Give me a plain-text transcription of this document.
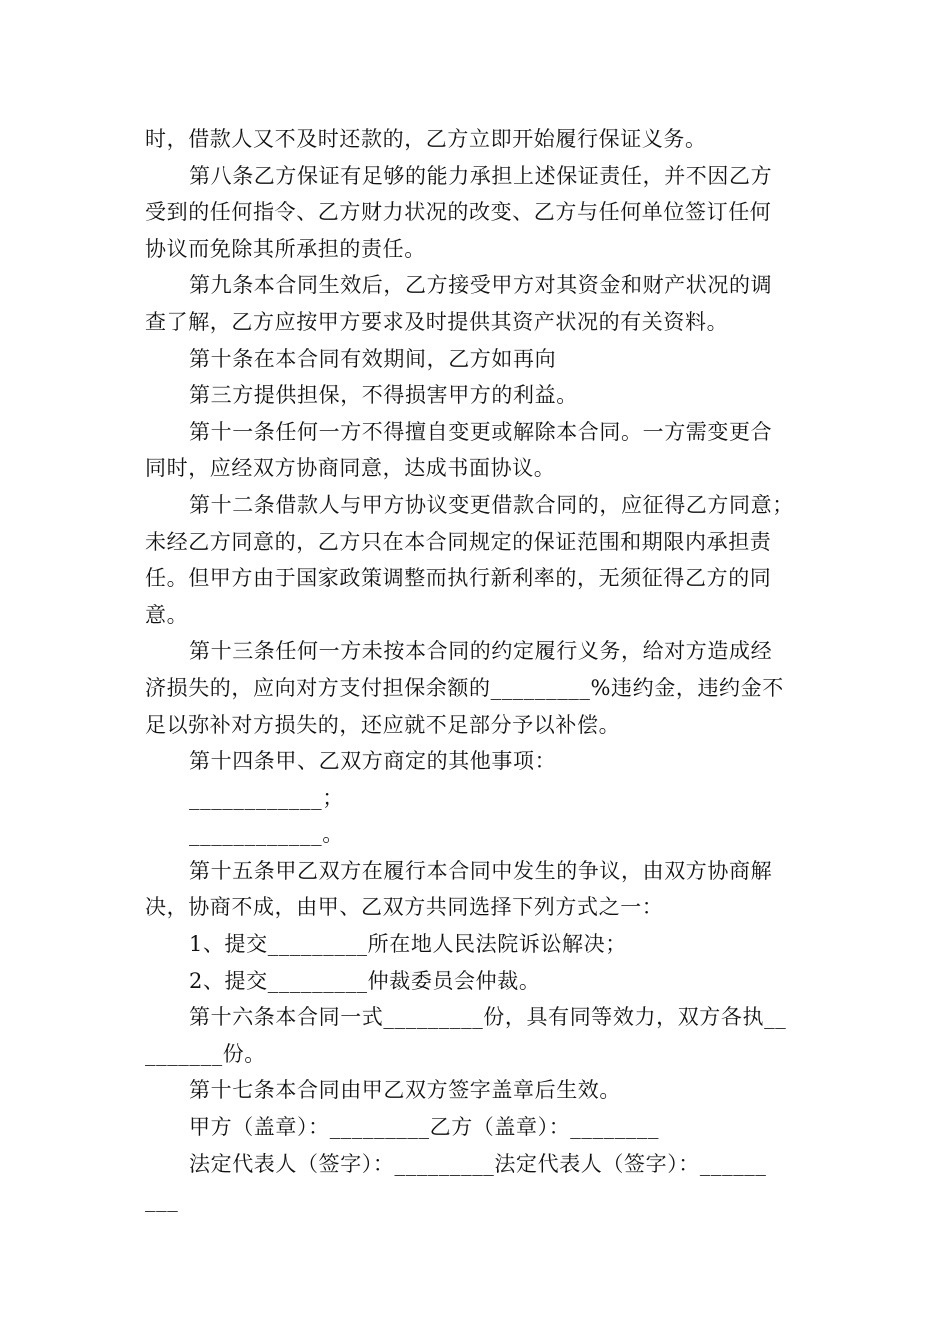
时，借款人又不及时还款的，乙方立即开始履行保证义务。
第八条乙方保证有足够的能力承担上述保证责任，并不因乙方
受到的任何指令、乙方财力状况的改变、乙方与任何单位签订任何
协议而免除其所承担的责任。
第九条本合同生效后，乙方接受甲方对其资金和财产状况的调
查了解，乙方应按甲方要求及时提供其资产状况的有关资料。
第十条在本合同有效期间，乙方如再向
第三方提供担保，不得损害甲方的利益。
第十一条任何一方不得擅自变更或解除本合同。一方需变更合
同时，应经双方协商同意，达成书面协议。
第十二条借款人与甲方协议变更借款合同的，应征得乙方同意；
未经乙方同意的，乙方只在本合同规定的保证范围和期限内承担责
任。但甲方由于国家政策调整而执行新利率的，无须征得乙方的同
意。
第十三条任何一方未按本合同的约定履行义务，给对方造成经
济损失的，应向对方支付担保余额的_________%违约金，违约金不
足以弥补对方损失的，还应就不足部分予以补偿。
第十四条甲、乙双方商定的其他事项：
____________；
____________。
第十五条甲乙双方在履行本合同中发生的争议，由双方协商解
决，协商不成，由甲、乙双方共同选择下列方式之一：
1、提交_________所在地人民法院诉讼解决；
2、提交_________仲裁委员会仲裁。
第十六条本合同一式_________份，具有同等效力，双方各执__
_______份。
第十七条本合同由甲乙双方签字盖章后生效。
甲方（盖章）：_________乙方（盖章）：________
法定代表人（签字）：_________法定代表人（签字）：______
___
